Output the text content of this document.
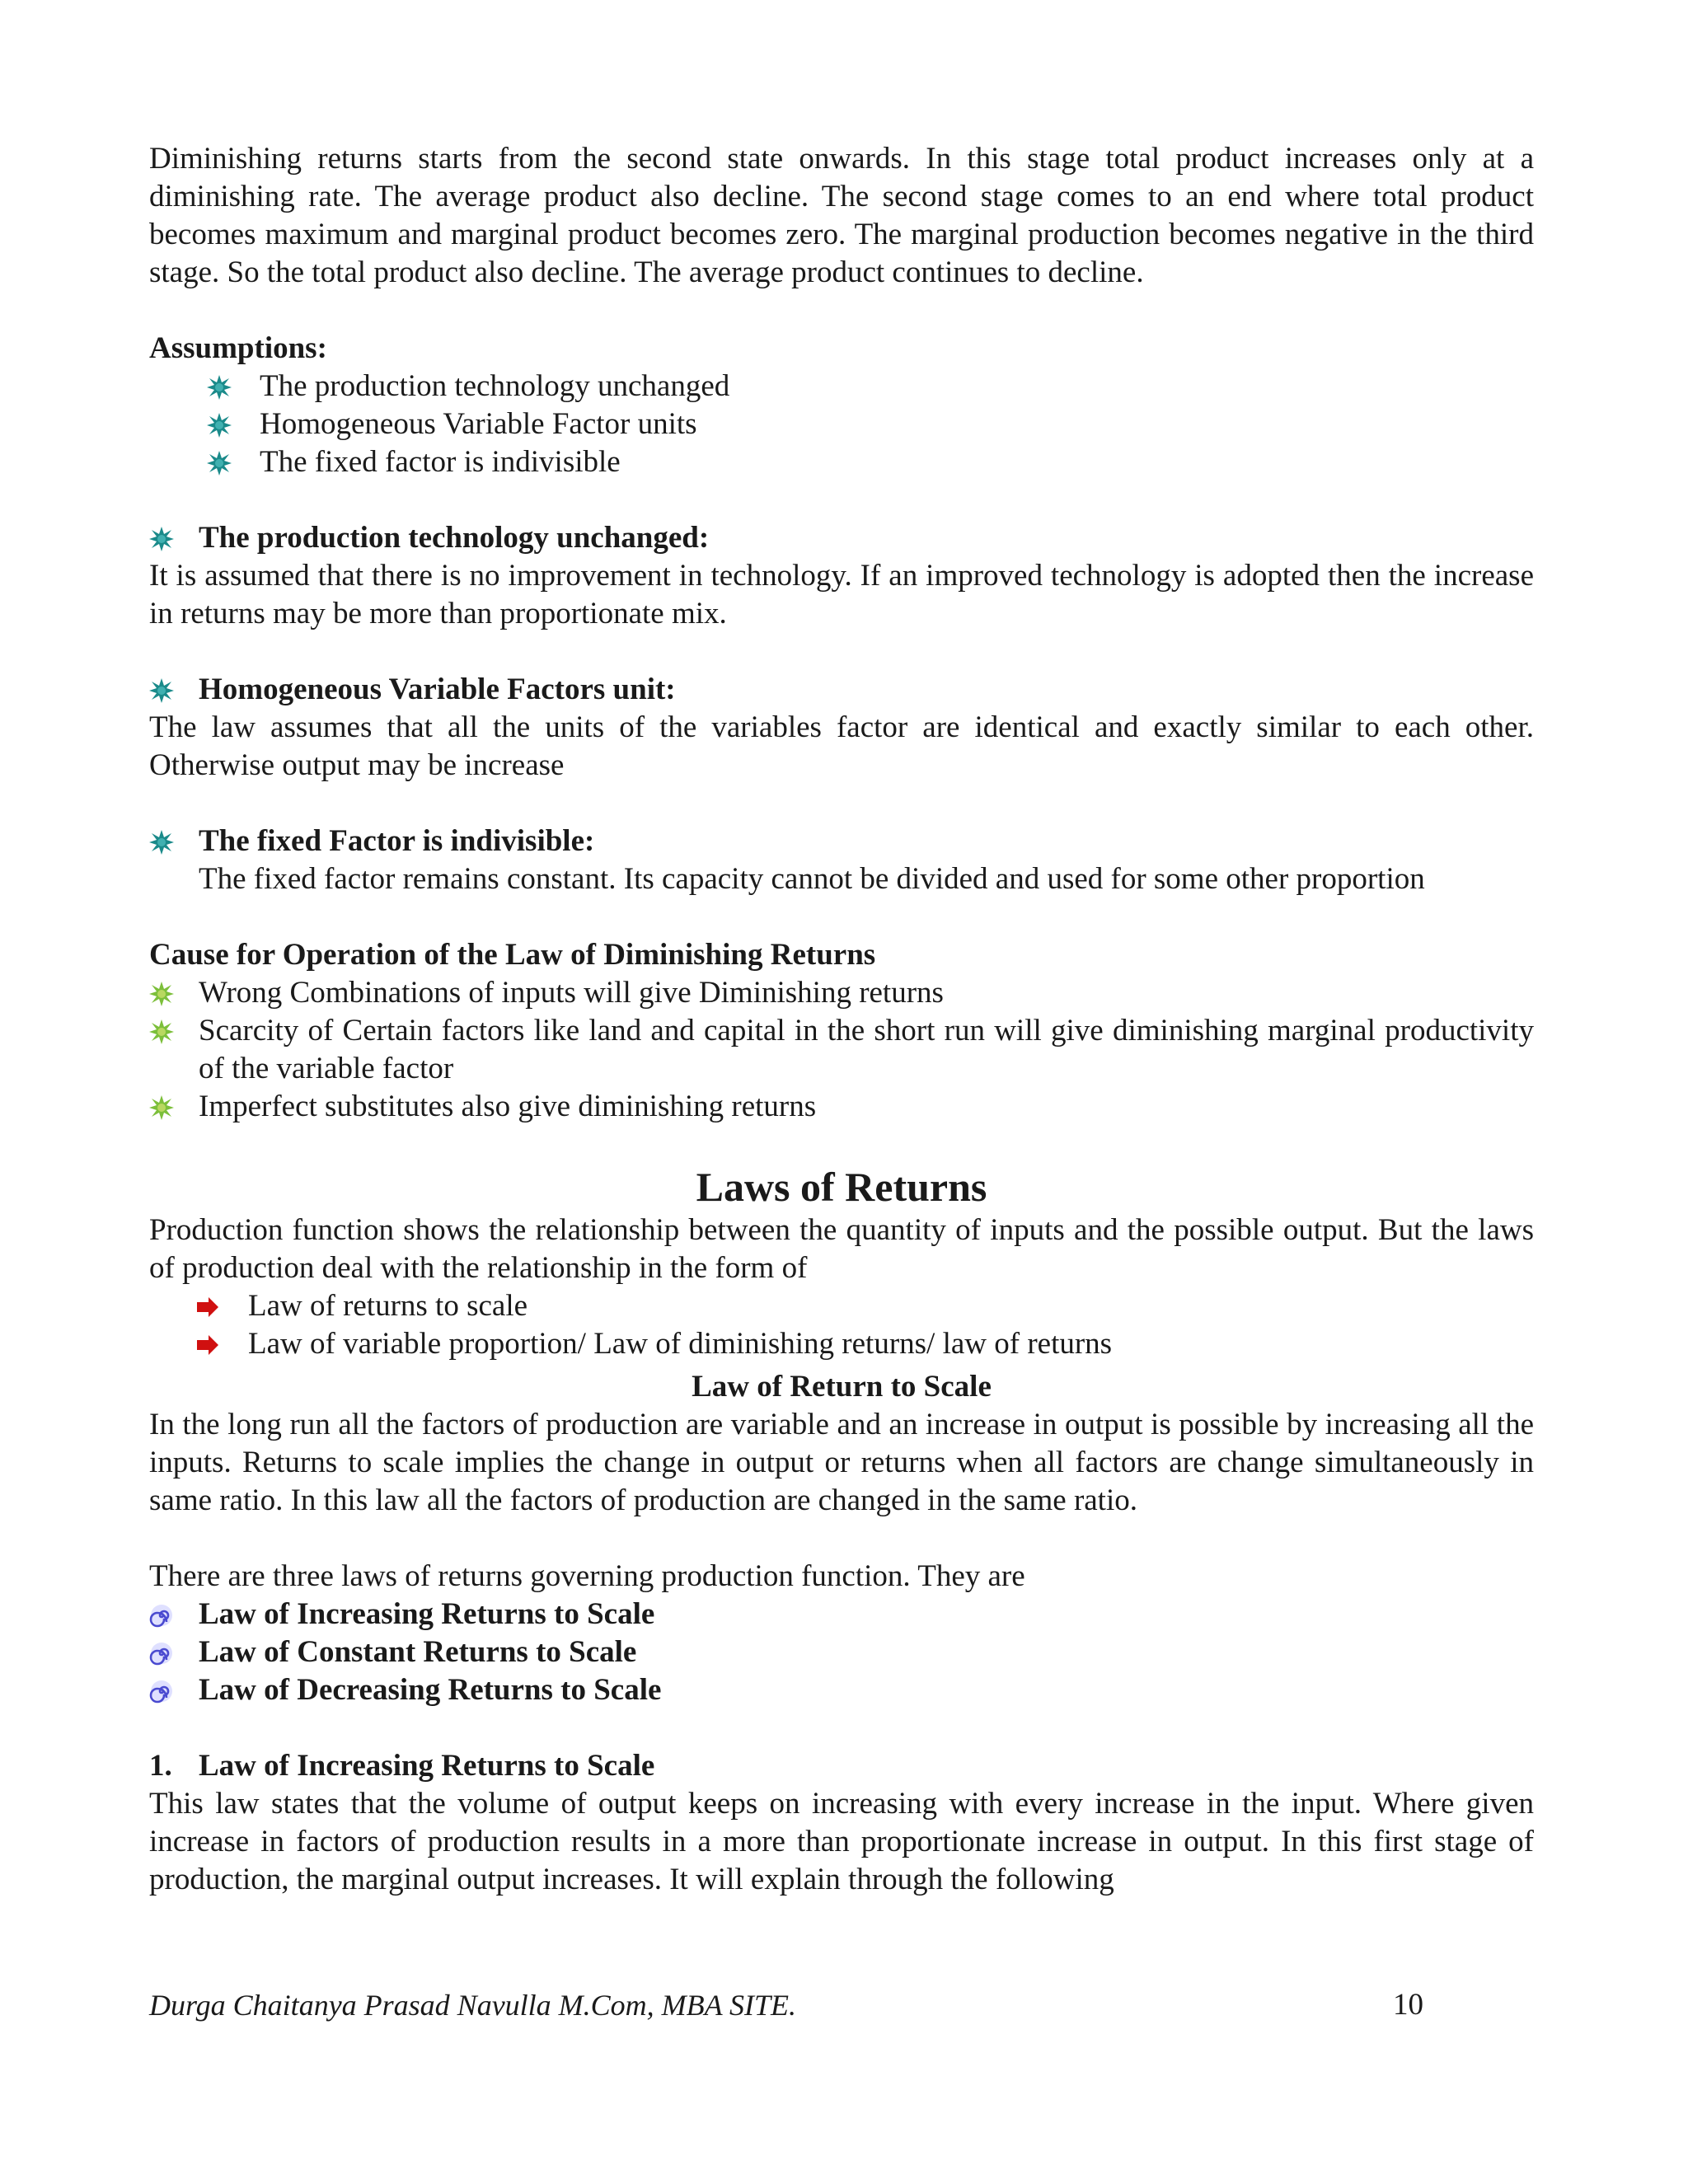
Diminishing returns starts from the second state onwards. In this stage total product increases only at a diminishing rate. The average product also decline. The second stage comes to an end where total product becomes maximum and marginal product becomes zero. The marginal production becomes negative in the third stage. So the total product also decline. The average product continues to decline.

Assumptions:
The production technology unchanged
Homogeneous Variable Factor units
The fixed factor is indivisible
The production technology unchanged:

It is assumed that there is no improvement in technology. If an improved technology is adopted then the increase in returns may be more than proportionate mix.

Homogeneous Variable Factors unit:

The law assumes that all the units of the variables factor are identical and exactly similar to each other. Otherwise output may be increase

The fixed Factor is indivisible:

The fixed factor remains constant. Its capacity cannot be divided and used for some other proportion

Cause for Operation of the Law of Diminishing Returns
Wrong Combinations of inputs will give Diminishing returns
Scarcity of Certain factors like land and capital in the short run will give diminishing marginal productivity of the variable factor
Imperfect substitutes also give diminishing returns
Laws of Returns

Production function shows the relationship between the quantity of inputs and the possible output. But the laws of production deal with the relationship in the form of

Law of returns to scale
Law of variable proportion/ Law of diminishing returns/ law of returns
Law of Return to Scale

In the long run all the factors of production are variable and an increase in output is possible by increasing all the inputs. Returns to scale implies the change in output or returns when all factors are change simultaneously in same ratio. In this law all the factors of production are changed in the same ratio.

There are three laws of returns governing production function. They are

Law of Increasing Returns to Scale
Law of Constant Returns to Scale
Law of Decreasing Returns to Scale
1. Law of Increasing Returns to Scale

This law states that the volume of output keeps on increasing with every increase in the input. Where given increase in factors of production results in a more than proportionate increase in output. In this first stage of production, the marginal output increases. It will explain through the following

Durga Chaitanya Prasad Navulla M.Com, MBA SITE.	10
